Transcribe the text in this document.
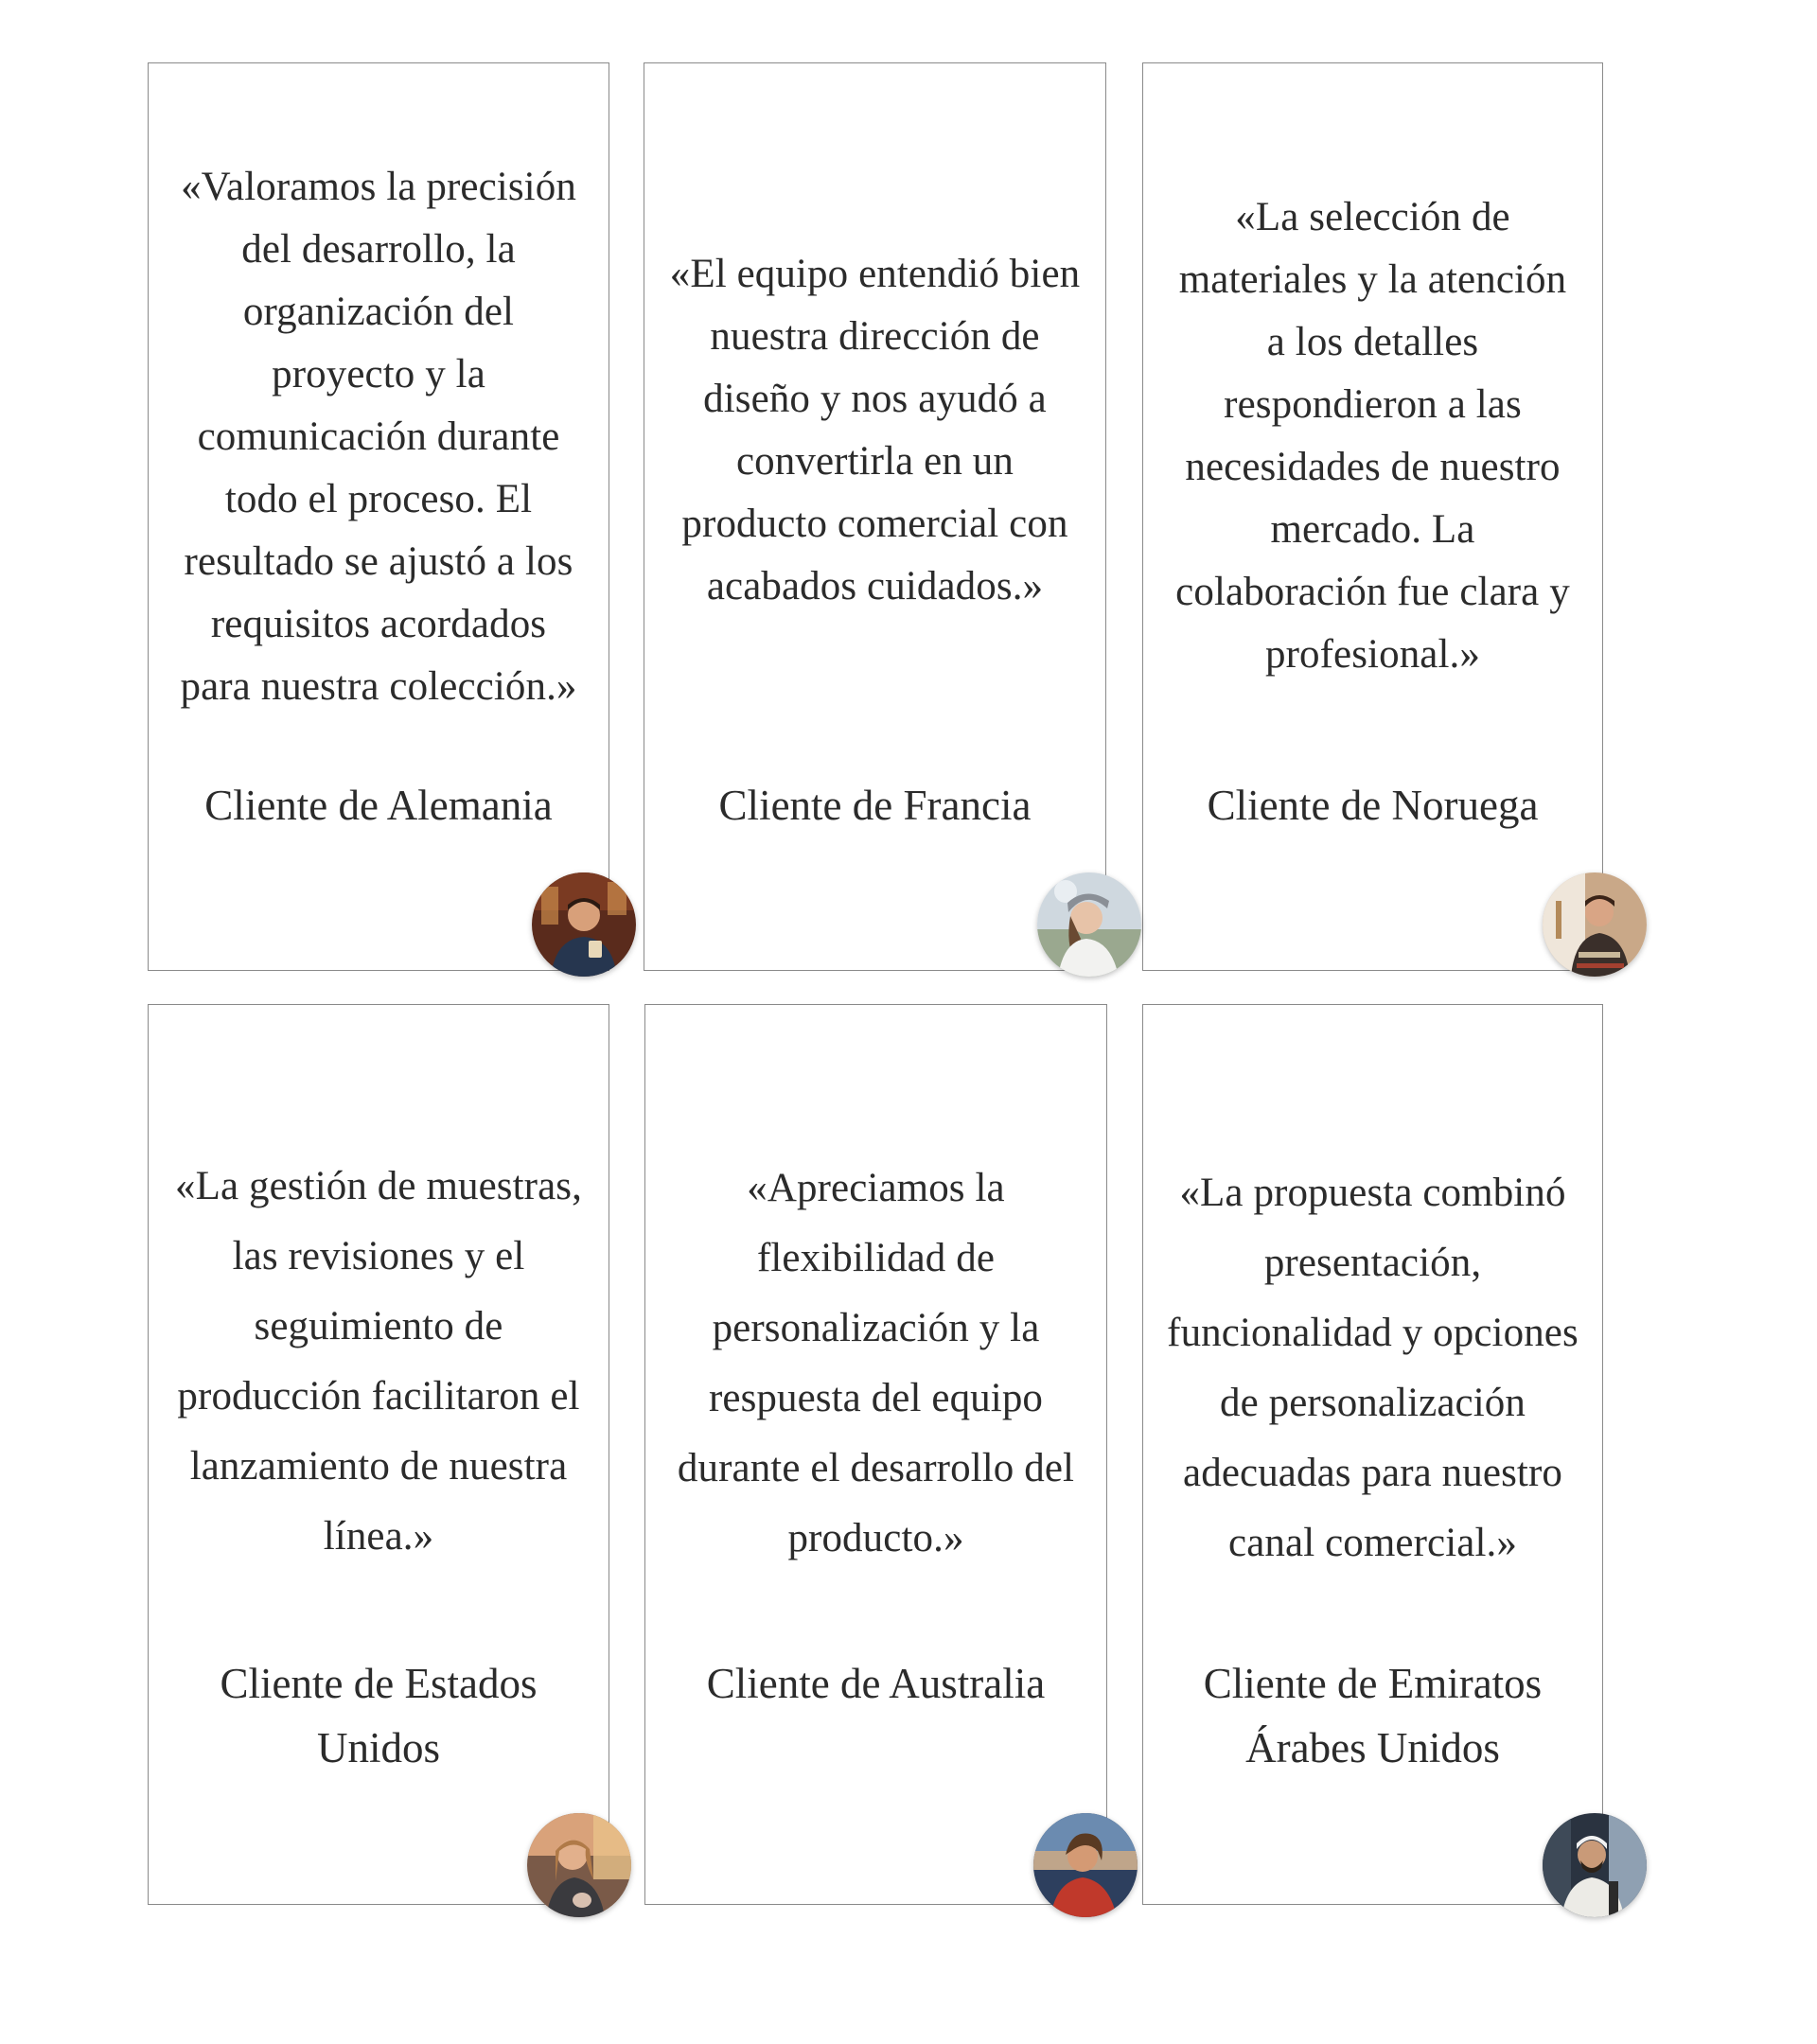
«Valoramos la precisión del desarrollo, la organización del proyecto y la comunicación durante todo el proceso. El resultado se ajustó a los requisitos acordados para nuestra colección.»
Cliente de Alemania
«El equipo entendió bien nuestra dirección de diseño y nos ayudó a convertirla en un producto comercial con acabados cuidados.»
Cliente de Francia
«La selección de materiales y la atención a los detalles respondieron a las necesidades de nuestro mercado. La colaboración fue clara y profesional.»
Cliente de Noruega
«La gestión de muestras, las revisiones y el seguimiento de producción facilitaron el lanzamiento de nuestra línea.»
Cliente de Estados Unidos
«Apreciamos la flexibilidad de personalización y la respuesta del equipo durante el desarrollo del producto.»
Cliente de Australia
«La propuesta combinó presentación, funcionalidad y opciones de personalización adecuadas para nuestro canal comercial.»
Cliente de Emiratos Árabes Unidos
